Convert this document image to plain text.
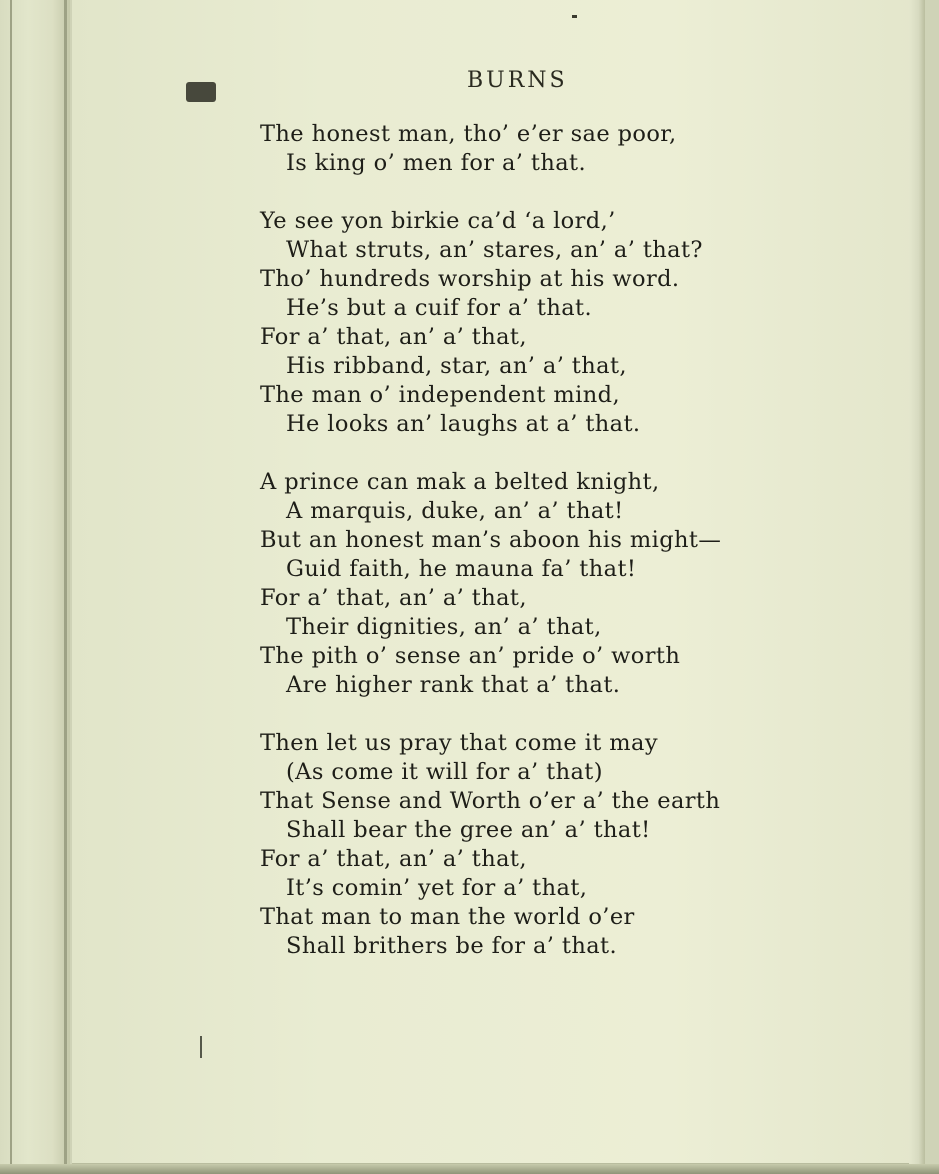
BURNS
The honest man, tho’ e’er sae poor,
Is king o’ men for a’ that.
Ye see yon birkie ca’d ‘a lord,’
What struts, an’ stares, an’ a’ that?
Tho’ hundreds worship at his word.
He’s but a cuif for a’ that.
For a’ that, an’ a’ that,
His ribband, star, an’ a’ that,
The man o’ independent mind,
He looks an’ laughs at a’ that.
A prince can mak a belted knight,
A marquis, duke, an’ a’ that!
But an honest man’s aboon his might—
Guid faith, he mauna fa’ that!
For a’ that, an’ a’ that,
Their dignities, an’ a’ that,
The pith o’ sense an’ pride o’ worth
Are higher rank that a’ that.
Then let us pray that come it may
(As come it will for a’ that)
That Sense and Worth o’er a’ the earth
Shall bear the gree an’ a’ that!
For a’ that, an’ a’ that,
It’s comin’ yet for a’ that,
That man to man the world o’er
Shall brithers be for a’ that.
